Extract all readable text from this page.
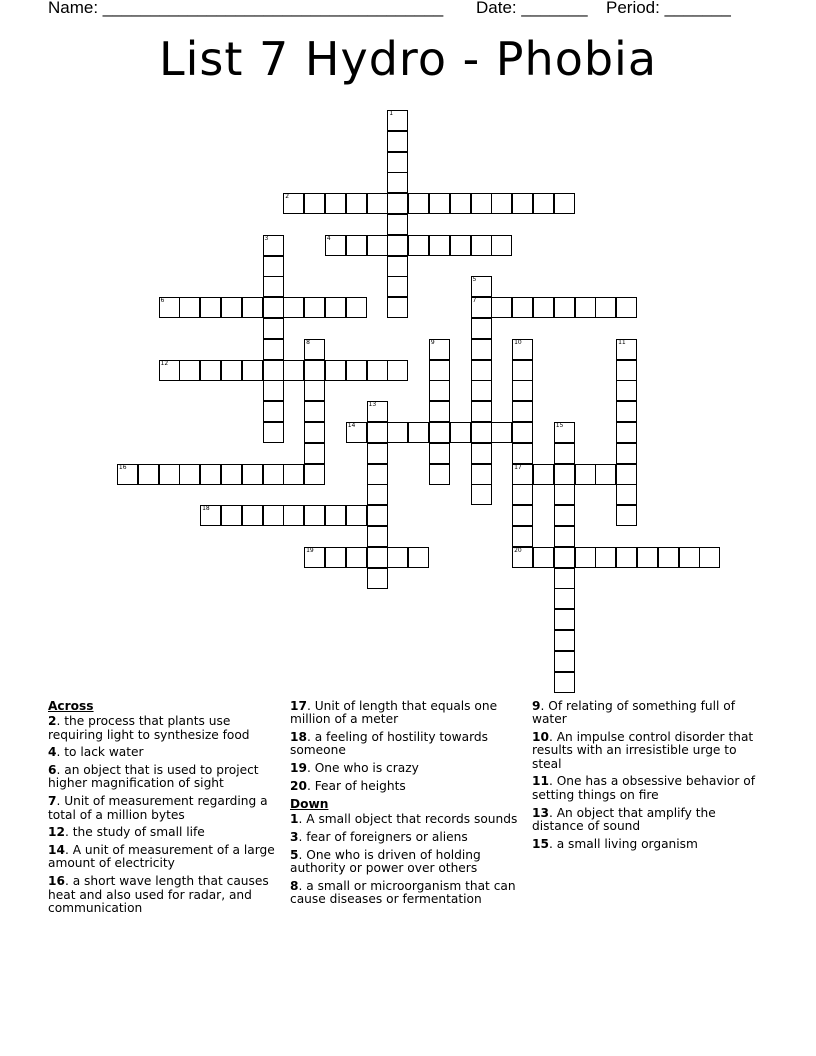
Name: ____________________________________ Date: _______ Period: _______
List 7 Hydro - Phobia
1
2
3	4
5
7
6
8	9	10
17
11
12
13
14	15
16
18
19	20
Across
2. the process that plants use requiring light to synthesize food
4. to lack water
6. an object that is used to project higher magnification of sight
7. Unit of measurement regarding a total of a million bytes
12. the study of small life
14. A unit of measurement of a large amount of electricity
16. a short wave length that causes heat and also used for radar, and communication
17. Unit of length that equals one million of a meter
18. a feeling of hostility towards someone
19. One who is crazy
20. Fear of heights
Down
1. A small object that records sounds
3. fear of foreigners or aliens
5. One who is driven of holding authority or power over others
8. a small or microorganism that can cause diseases or fermentation
9. Of relating of something full of water
10. An impulse control disorder that results with an irresistible urge to steal
11. One has a obsessive behavior of setting things on fire
13. An object that amplify the distance of sound
15. a small living organism
